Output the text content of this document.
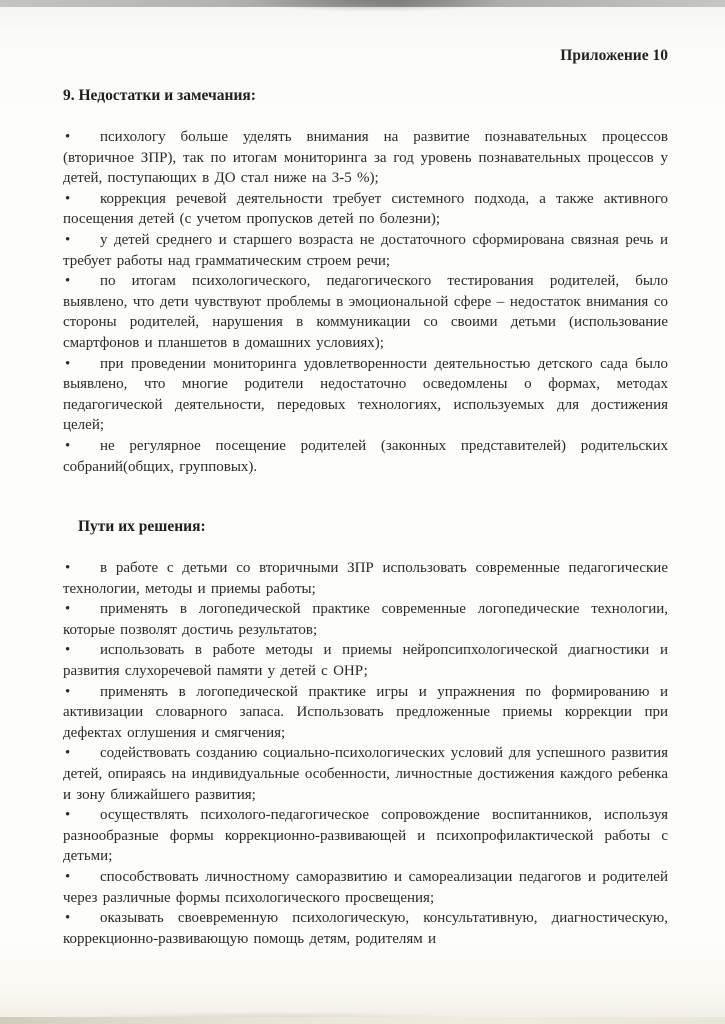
Приложение 10
9. Недостатки и замечания:
• психологу больше уделять внимания на развитие познавательных процессов (вторичное ЗПР), так по итогам мониторинга за год уровень познавательных процессов у детей, поступающих в ДО стал ниже на 3-5 %);
• коррекция речевой деятельности требует системного подхода, а также активного посещения детей (с учетом пропусков детей по болезни);
• у детей среднего и старшего возраста не достаточного сформирована связная речь и требует работы над грамматическим строем речи;
• по итогам психологического, педагогического тестирования родителей, было выявлено, что дети чувствуют проблемы в эмоциональной сфере – недостаток внимания со стороны родителей, нарушения в коммуникации со своими детьми (использование смартфонов и планшетов в домашних условиях);
• при проведении мониторинга удовлетворенности деятельностью детского сада было выявлено, что многие родители недостаточно осведомлены о формах, методах педагогической деятельности, передовых технологиях, используемых для достижения целей;
• не регулярное посещение родителей (законных представителей) родительских собраний(общих, групповых).
Пути их решения:
• в работе с детьми со вторичными ЗПР использовать современные педагогические технологии, методы и приемы работы;
• применять в логопедической практике современные логопедические технологии, которые позволят достичь результатов;
• использовать в работе методы и приемы нейропсипхологической диагностики и развития слухоречевой памяти у детей с ОНР;
• применять в логопедической практике игры и упражнения по формированию и активизации словарного запаса. Использовать предложенные приемы коррекции при дефектах оглушения и смягчения;
• содействовать созданию социально-психологических условий для успешного развития детей, опираясь на индивидуальные особенности, личностные достижения каждого ребенка и зону ближайшего развития;
• осуществлять психолого-педагогическое сопровождение воспитанников, используя разнообразные формы коррекционно-развивающей и психопрофилактической работы с детьми;
• способствовать личностному саморазвитию и самореализации педагогов и родителей через различные формы психологического просвещения;
• оказывать своевременную психологическую, консультативную, диагностическую, коррекционно-развивающую помощь детям, родителям и
